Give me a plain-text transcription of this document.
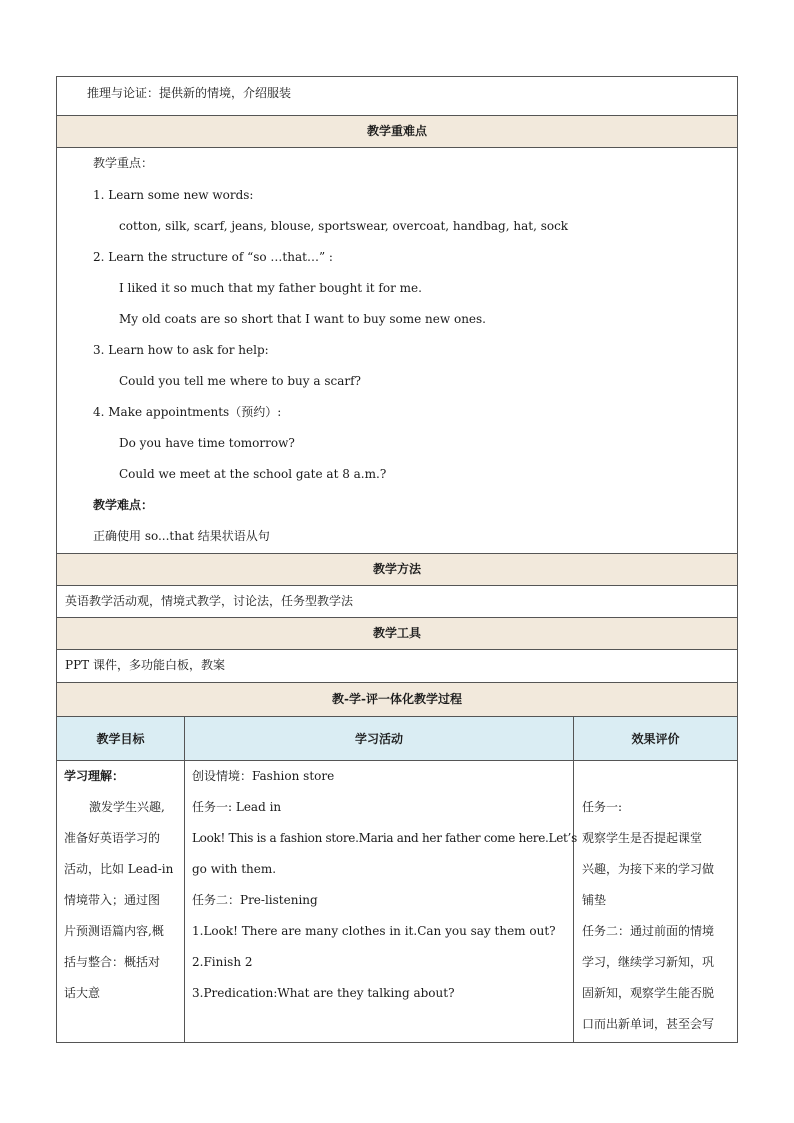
推理与论证：提供新的情境，介绍服装
教学重难点
教学重点：
1. Learn some new words:
cotton, silk, scarf, jeans, blouse, sportswear, overcoat, handbag, hat, sock
2. Learn the structure of “so …that…” :
I liked it so much that my father bought it for me.
My old coats are so short that I want to buy some new ones.
3. Learn how to ask for help:
Could you tell me where to buy a scarf?
4. Make appointments（预约）:
Do you have time tomorrow?
Could we meet at the school gate at 8 a.m.?
教学难点：
正确使用 so...that 结果状语从句
教学方法
英语教学活动观，情境式教学，讨论法，任务型教学法
教学工具
PPT 课件，多功能白板，教案
教-学-评一体化教学过程
教学目标	学习活动	效果评价
学习理解：
激发学生兴趣,
准备好英语学习的
活动，比如 Lead-in
情境带入；通过图
片预测语篇内容,概
括与整合：概括对
话大意
创设情境：Fashion store
任务一: Lead in
Look! This is a fashion store.Maria and her father come here.Let’s
go with them.
任务二：Pre-listening
1.Look! There are many clothes in it.Can you say them out?
2.Finish 2
3.Predication:What are they talking about?
任务一:
观察学生是否提起课堂
兴趣，为接下来的学习做
铺垫
任务二：通过前面的情境
学习，继续学习新知，巩
固新知，观察学生能否脱
口而出新单词，甚至会写
